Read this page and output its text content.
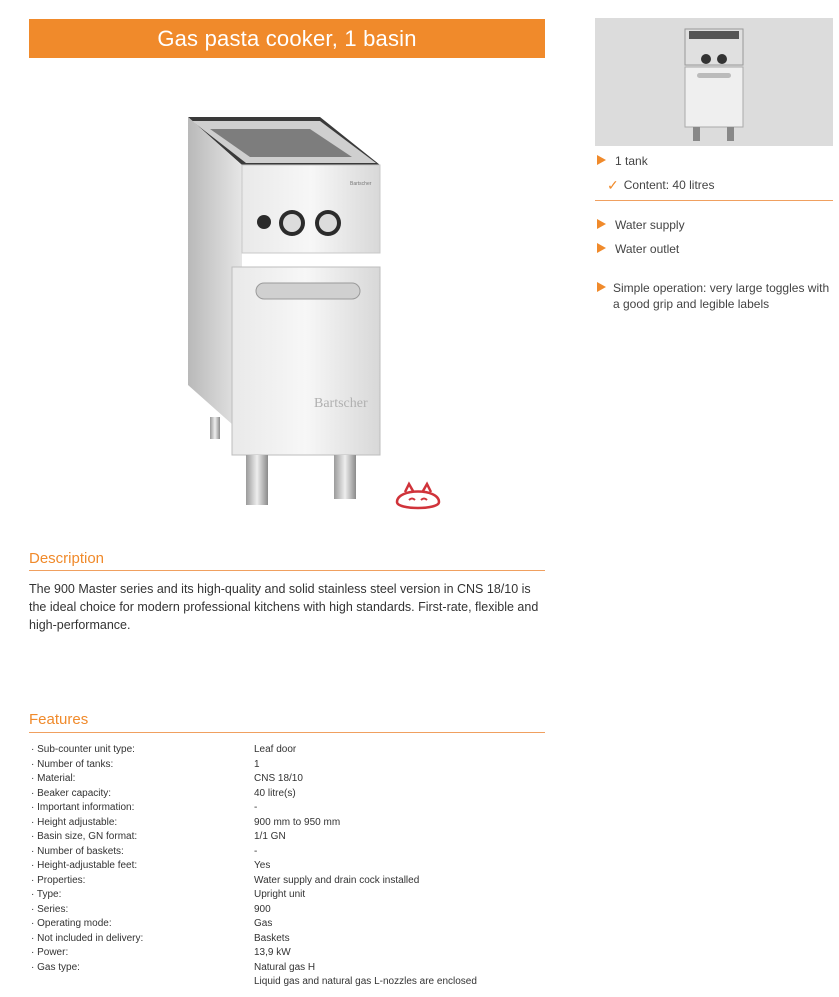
Gas pasta cooker, 1 basin
Bartscher
Bartscher
1 tank
✓ Content: 40 litres
Water supply
Water outlet
Simple operation: very large toggles with a good grip and legible labels
Description
The 900 Master series and its high-quality and solid stainless steel version in CNS 18/10 is the ideal choice for modern professional kitchens with high standards. First-rate, flexible and high-performance.
Features
· Sub-counter unit type:	Leaf door
· Number of tanks:	1
· Material:	CNS 18/10
· Beaker capacity:	40 litre(s)
· Important information:	-
· Height adjustable:	900 mm to 950 mm
· Basin size, GN format:	1/1 GN
· Number of baskets:	-
· Height-adjustable feet:	Yes
· Properties:	Water supply and drain cock installed
· Type:	Upright unit
· Series:	900
· Operating mode:	Gas
· Not included in delivery:	Baskets
· Power:	13,9 kW
· Gas type:	Natural gas H
Liquid gas and natural gas L-nozzles are enclosed
